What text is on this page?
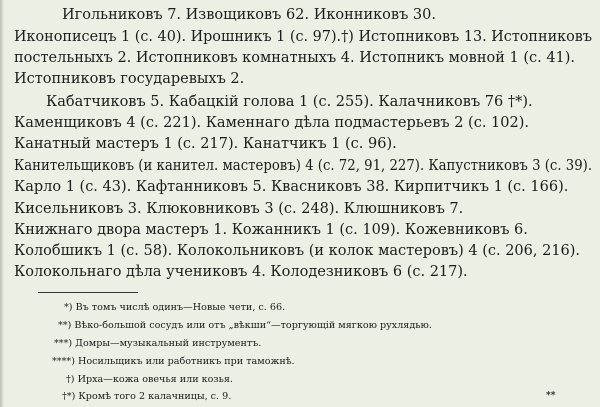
Игольниковъ 7. Извощиковъ 62. Иконниковъ 30.
Иконописецъ 1 (с. 40). Ирошникъ 1 (с. 97).†) Истопниковъ 13. Истопниковъ
постельныхъ 2. Истопниковъ комнатныхъ 4. Истопникъ мовной 1 (с. 41).
Истопниковъ государевыхъ 2.
Кабатчиковъ 5. Кабацкiй голова 1 (с. 255). Калачниковъ 76 †*).
Каменщиковъ 4 (с. 221). Каменнаго дѣла подмастерьевъ 2 (с. 102).
Канатный мастеръ 1 (с. 217). Канатчикъ 1 (с. 96).
Канительщиковъ (и канител. мастеровъ) 4 (с. 72, 91, 227). Капустниковъ 3 (с. 39).
Карло 1 (с. 43). Кафтанниковъ 5. Квасниковъ 38. Кирпитчикъ 1 (с. 166).
Кисельниковъ 3. Клюковниковъ 3 (с. 248). Клюшниковъ 7.
Книжнаго двора мастеръ 1. Кожанникъ 1 (с. 109). Кожевниковъ 6.
Колобшикъ 1 (с. 58). Колокольниковъ (и колок мастеровъ) 4 (с. 206, 216).
Колокольнаго дѣла учениковъ 4. Колодезниковъ 6 (с. 217).
*) Въ томъ числѣ одинъ—Новые чети, с. 66.
**) Вѣко-большой сосудъ или отъ „вѣкши“—торгующiй мягкою рухлядью.
***) Домры—музыкальный инструментъ.
****) Носильщикъ или работникъ при таможнѣ.
†) Ирха—кожа овечья или козья.
†*) Кромѣ того 2 калачницы, с. 9.	**
